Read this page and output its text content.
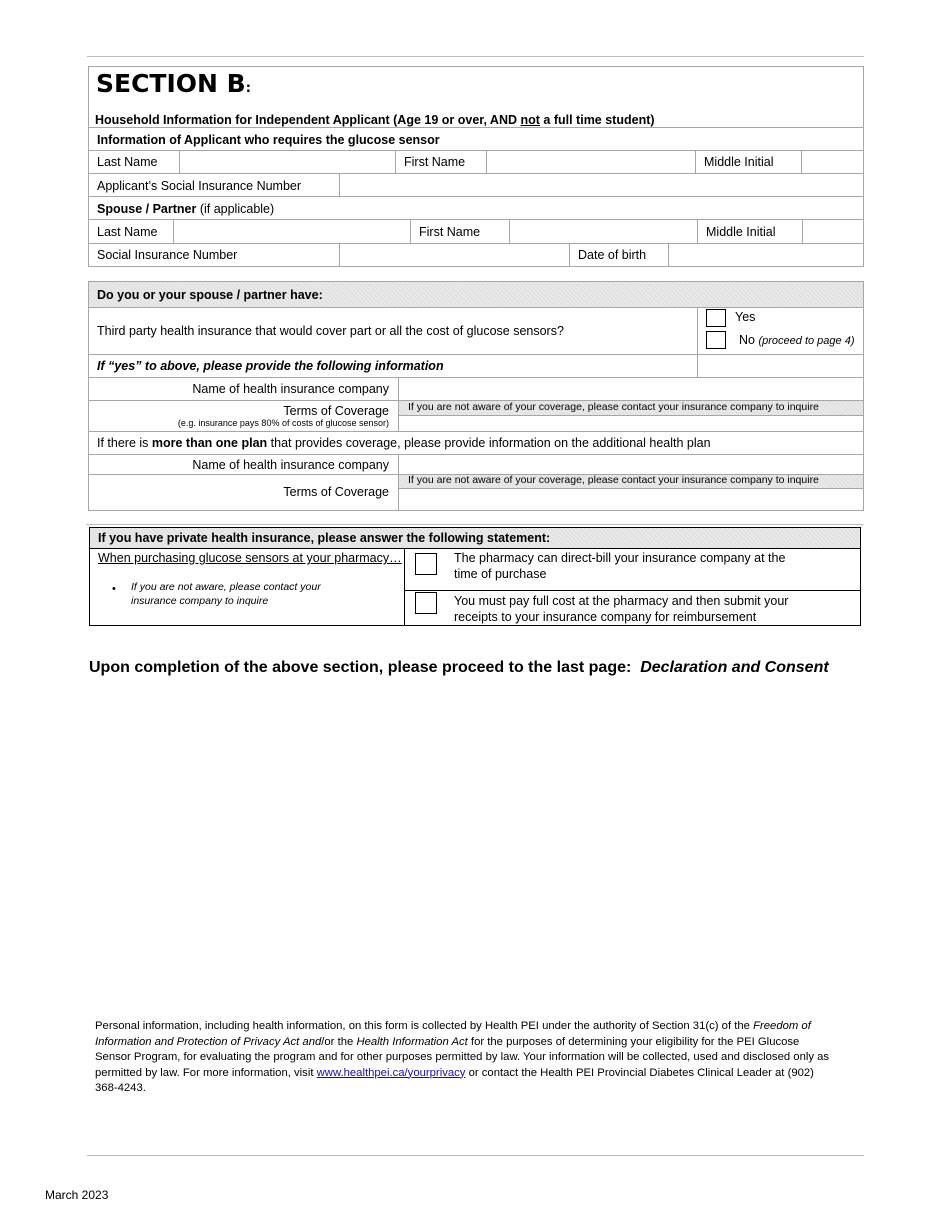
SECTION B:
Household Information for Independent Applicant (Age 19 or over, AND not a full time student)
Information of Applicant who requires the glucose sensor
Last Name	First Name	Middle Initial
Applicant’s Social Insurance Number
Spouse / Partner (if applicable)
Last Name	First Name	Middle Initial
Social Insurance Number	Date of birth
Do you or your spouse / partner have:
Third party health insurance that would cover part or all the cost of glucose sensors?
Yes
No (proceed to page 4)
If “yes” to above, please provide the following information
Name of health insurance company
Terms of Coverage
(e.g. insurance pays 80% of costs of glucose sensor)
If you are not aware of your coverage, please contact your insurance company to inquire
If there is more than one plan that provides coverage, please provide information on the additional health plan
Name of health insurance company
Terms of Coverage
If you are not aware of your coverage, please contact your insurance company to inquire
If you have private health insurance, please answer the following statement:
When purchasing glucose sensors at your pharmacy…
• If you are not aware, please contact your insurance company to inquire
The pharmacy can direct-bill your insurance company at the time of purchase
You must pay full cost at the pharmacy and then submit your receipts to your insurance company for reimbursement
Upon completion of the above section, please proceed to the last page: Declaration and Consent
Personal information, including health information, on this form is collected by Health PEI under the authority of Section 31(c) of the Freedom of Information and Protection of Privacy Act and/or the Health Information Act for the purposes of determining your eligibility for the PEI Glucose Sensor Program, for evaluating the program and for other purposes permitted by law. Your information will be collected, used and disclosed only as permitted by law. For more information, visit www.healthpei.ca/yourprivacy or contact the Health PEI Provincial Diabetes Clinical Leader at (902) 368-4243.
March 2023
